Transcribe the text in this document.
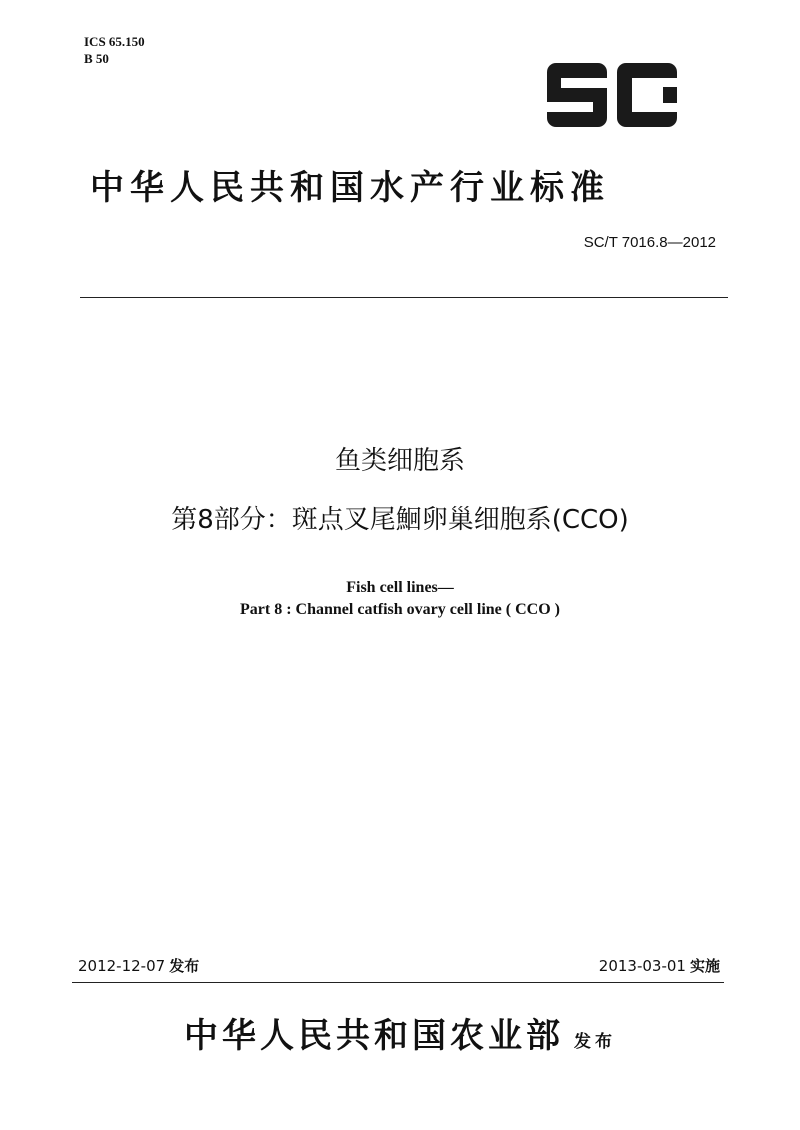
ICS 65.150
B 50
中华人民共和国水产行业标准
SC/T 7016.8—2012
鱼类细胞系
第8部分：斑点叉尾鮰卵巢细胞系(CCO)
Fish cell lines—
Part 8 : Channel catfish ovary cell line ( CCO )
2012-12-07 发布	2013-03-01 实施
中华人民共和国农业部 发布
